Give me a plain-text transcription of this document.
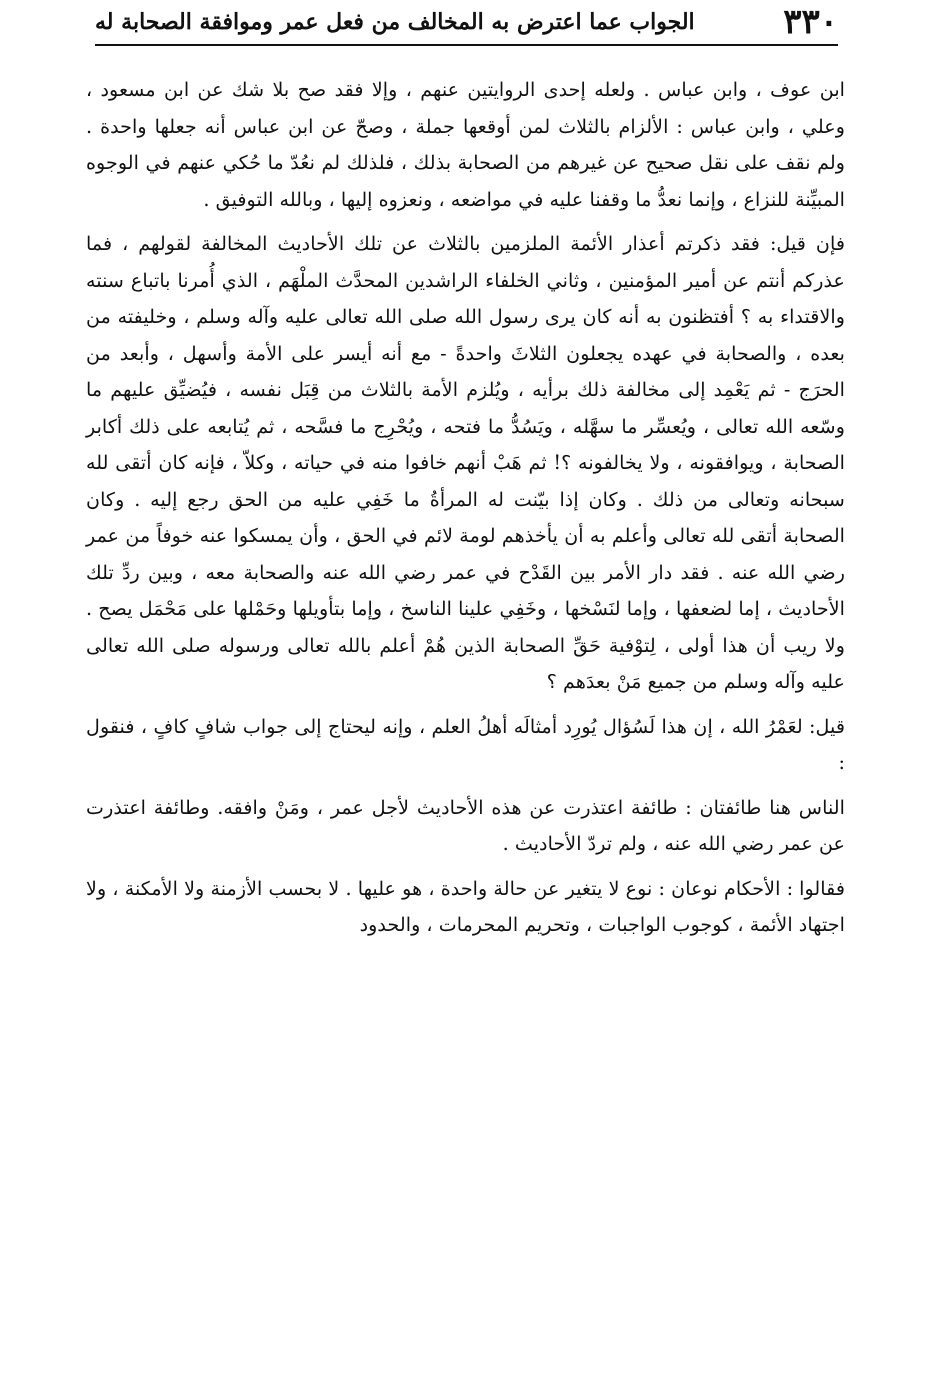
٣٣٠
الجواب عما اعترض به المخالف من فعل عمر وموافقة الصحابة له

ابن عوف ، وابن عباس . ولعله إحدى الروايتين عنهم ، وإلا فقد صح بلا شك عن ابن مسعود ، وعلي ، وابن عباس : الألزام بالثلاث لمن أوقعها جملة ، وصحّ عن ابن عباس أنه جعلها واحدة . ولم نقف على نقل صحيح عن غيرهم من الصحابة بذلك ، فلذلك لم نعُدّ ما حُكي عنهم في الوجوه المبيِّنة للنزاع ، وإنما نعدُّ ما وقفنا عليه في مواضعه ، ونعزوه إليها ، وبالله التوفيق .

فإن قيل: فقد ذكرتم أعذار الأئمة الملزمين بالثلاث عن تلك الأحاديث المخالفة لقولهم ، فما عذركم أنتم عن أمير المؤمنين ، وثاني الخلفاء الراشدين المحدَّث الملْهَم ، الذي أُمرنا باتباع سنته والاقتداء به ؟ أفتظنون به أنه كان يرى رسول الله صلى الله تعالى عليه وآله وسلم ، وخليفته من بعده ، والصحابة في عهده يجعلون الثلاثَ واحدةً - مع أنه أيسر على الأمة وأسهل ، وأبعد من الحرَج - ثم يَعْمِد إلى مخالفة ذلك برأيه ، ويُلزم الأمة بالثلاث من قِبَل نفسه ، فيُضيِّق عليهم ما وسّعه الله تعالى ، ويُعسِّر ما سهَّله ، ويَسُدُّ ما فتحه ، ويُحْرِج ما فسَّحه ، ثم يُتابعه على ذلك أكابر الصحابة ، ويوافقونه ، ولا يخالفونه ؟! ثم هَبْ أنهم خافوا منه في حياته ، وكلاّ ، فإنه كان أتقى لله سبحانه وتعالى من ذلك . وكان إذا بيّنت له المرأةُ ما خَفِي عليه من الحق رجع إليه . وكان الصحابة أتقى لله تعالى وأعلم به أن يأخذهم لومة لائم في الحق ، وأن يمسكوا عنه خوفاً من عمر رضي الله عنه . فقد دار الأمر بين القَدْح في عمر رضي الله عنه والصحابة معه ، وبين ردِّ تلك الأحاديث ، إما لضعفها ، وإما لنَسْخها ، وخَفِي علينا الناسخ ، وإما بتأويلها وحَمْلها على مَحْمَل يصح . ولا ريب أن هذا أولى ، لِتوْفية حَقِّ الصحابة الذين هُمْ أعلم بالله تعالى ورسوله صلى الله تعالى عليه وآله وسلم من جميع مَنْ بعدَهم ؟

قيل: لعَمْرُ الله ، إن هذا لَسُؤال يُورِد أمثالَه أهلُ العلم ، وإنه ليحتاج إلى جواب شافٍ كافٍ ، فنقول :

الناس هنا طائفتان : طائفة اعتذرت عن هذه الأحاديث لأجل عمر ، ومَنْ وافقه. وطائفة اعتذرت عن عمر رضي الله عنه ، ولم تردّ الأحاديث .

فقالوا : الأحكام نوعان : نوع لا يتغير عن حالة واحدة ، هو عليها . لا بحسب الأزمنة ولا الأمكنة ، ولا اجتهاد الأئمة ، كوجوب الواجبات ، وتحريم المحرمات ، والحدود
